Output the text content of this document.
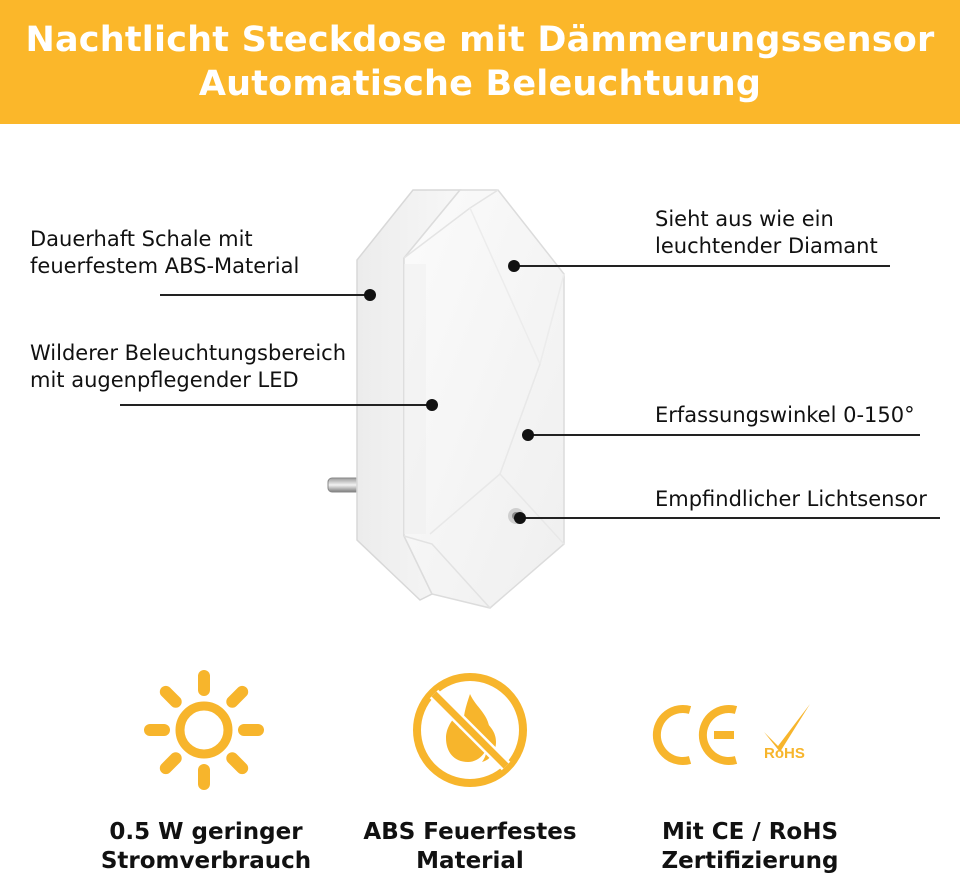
Nachtlicht Steckdose mit Dämmerungssensor
Automatische Beleuchtuung
Dauerhaft Schale mit
feuerfestem ABS-Material
Wilderer Beleuchtungsbereich
mit augenpflegender LED
Sieht aus wie ein
leuchtender Diamant
Erfassungswinkel 0-150°
Empfindlicher Lichtsensor
RoHS
0.5 W geringer
Stromverbrauch
ABS Feuerfestes
Material
Mit CE / RoHS
Zertifizierung
